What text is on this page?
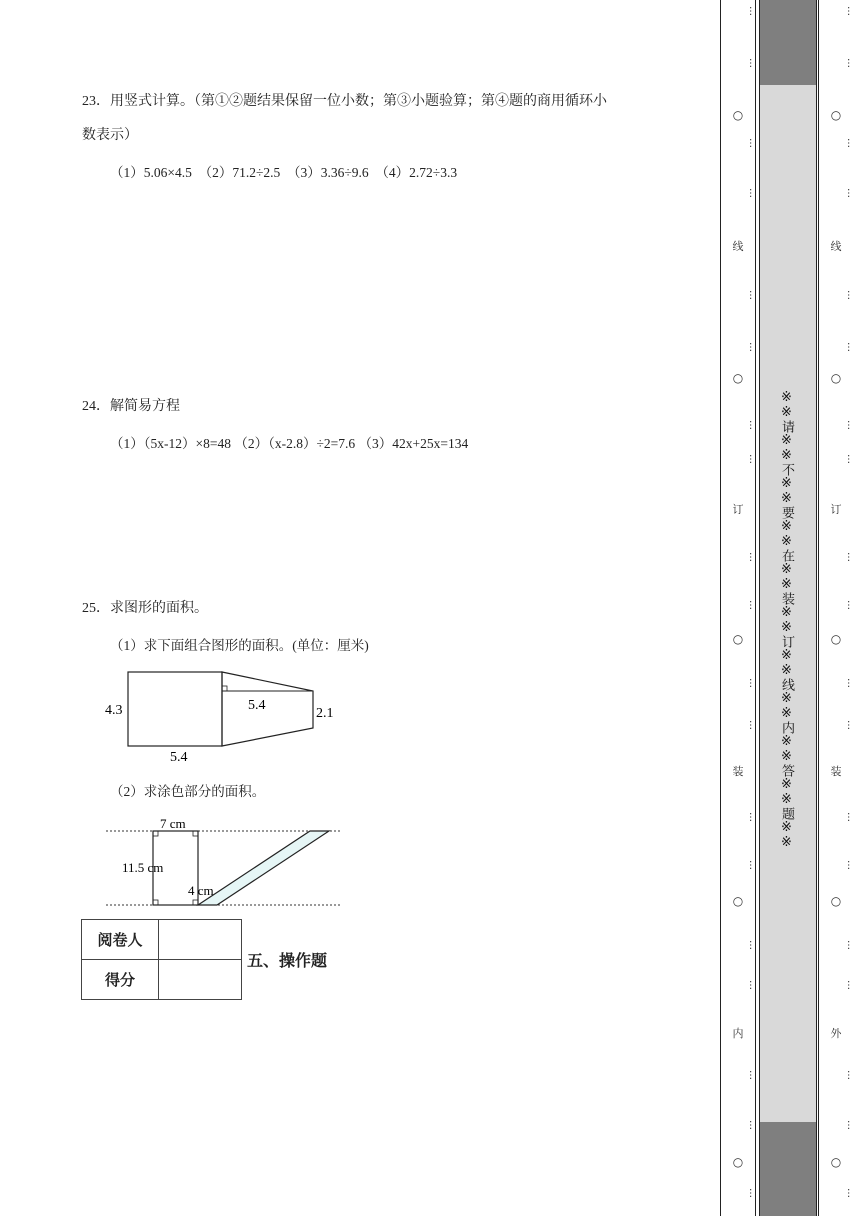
23．用竖式计算。（第①②题结果保留一位小数；第③小题验算；第④题的商用循环小
数表示）
（1）5.06×4.5　（2）71.2÷2.5　（3）3.36÷9.6　（4）2.72÷3.3
24．解简易方程
（1）（5x-12）×8=48 （2）（x-2.8）÷2=7.6 （3）42x+25x=134
25．求图形的面积。
（1）求下面组合图形的面积。(单位：厘米)
4.3	5.4
2.1
5.4
（2）求涂色部分的面积。
7 cm
11.5 cm
4 cm
阅卷人	
得分	
五、操作题
…
…
○
…
…
线
…
…
○
…
…
订
…
…
○
…
…
装
…
…
○
…
…
内
…
…
○
…
※※请※※不※※要※※在※※装※※订※※线※※内※※答※※题※※
…
…
○
…
…
线
…
…
○
…
…
订
…
…
○
…
…
装
…
…
○
…
…
外
…
…
○
…
